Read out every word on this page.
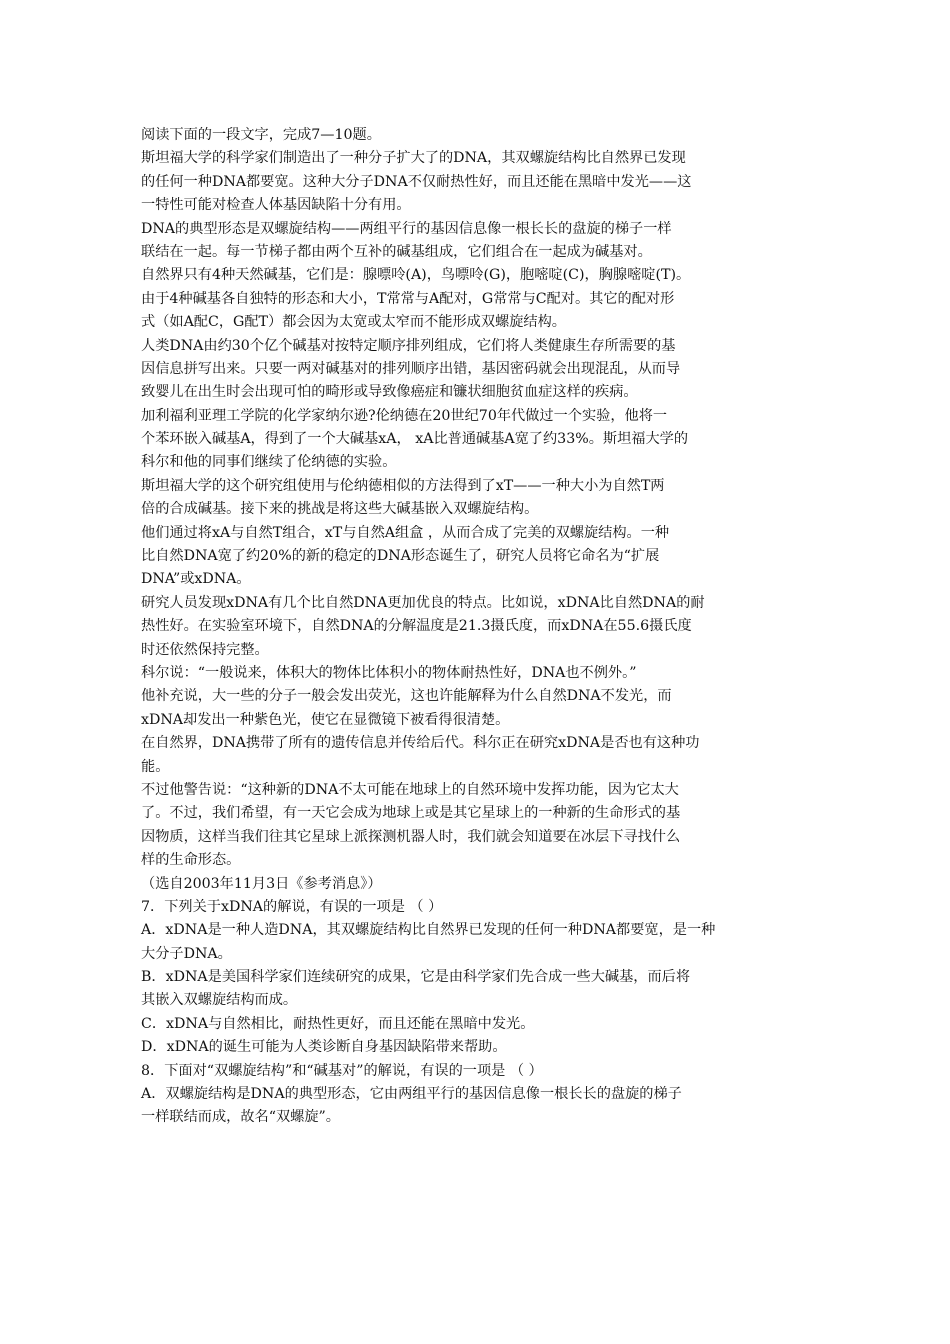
阅读下面的一段文字，完成7—10题。
斯坦福大学的科学家们制造出了一种分子扩大了的DNA，其双螺旋结构比自然界已发现
的任何一种DNA都要宽。这种大分子DNA不仅耐热性好，而且还能在黑暗中发光——这
一特性可能对检查人体基因缺陷十分有用。
DNA的典型形态是双螺旋结构——两组平行的基因信息像一根长长的盘旋的梯子一样
联结在一起。每一节梯子都由两个互补的碱基组成，它们组合在一起成为碱基对。
自然界只有4种天然碱基，它们是：腺嘌呤(A)，鸟嘌呤(G)，胞嘧啶(C)，胸腺嘧啶(T)。
由于4种碱基各自独特的形态和大小，T常常与A配对，G常常与C配对。其它的配对形
式（如A配C，G配T）都会因为太宽或太窄而不能形成双螺旋结构。
人类DNA由约30个亿个碱基对按特定顺序排列组成，它们将人类健康生存所需要的基
因信息拼写出来。只要一两对碱基对的排列顺序出错，基因密码就会出现混乱，从而导
致婴儿在出生时会出现可怕的畸形或导致像癌症和镰状细胞贫血症这样的疾病。
加利福利亚理工学院的化学家纳尔逊?伦纳德在20世纪70年代做过一个实验，他将一
个苯环嵌入碱基A，得到了一个大碱基xA， xA比普通碱基A宽了约33%。斯坦福大学的
科尔和他的同事们继续了伦纳德的实验。
斯坦福大学的这个研究组使用与伦纳德相似的方法得到了xT——一种大小为自然T两
倍的合成碱基。接下来的挑战是将这些大碱基嵌入双螺旋结构。
他们通过将xA与自然T组合，xT与自然A组盒 ，从而合成了完美的双螺旋结构。一种
比自然DNA宽了约20%的新的稳定的DNA形态诞生了，研究人员将它命名为“扩展
DNA”或xDNA。
研究人员发现xDNA有几个比自然DNA更加优良的特点。比如说，xDNA比自然DNA的耐
热性好。在实验室环境下，自然DNA的分解温度是21.3摄氏度，而xDNA在55.6摄氏度
时还依然保持完整。
科尔说：“一般说来，体积大的物体比体积小的物体耐热性好，DNA也不例外。”
他补充说，大一些的分子一般会发出荧光，这也许能解释为什么自然DNA不发光，而
xDNA却发出一种紫色光，使它在显微镜下被看得很清楚。
在自然界，DNA携带了所有的遗传信息并传给后代。科尔正在研究xDNA是否也有这种功
能。
不过他警告说：“这种新的DNA不太可能在地球上的自然环境中发挥功能，因为它太大
了。不过，我们希望，有一天它会成为地球上或是其它星球上的一种新的生命形式的基
因物质，这样当我们往其它星球上派探测机器人时，我们就会知道要在冰层下寻找什么
样的生命形态。
（选自2003年11月3日《参考消息》）
7．下列关于xDNA的解说，有误的一项是 （ ）
A．xDNA是一种人造DNA，其双螺旋结构比自然界已发现的任何一种DNA都要宽，是一种
大分子DNA。
B．xDNA是美国科学家们连续研究的成果，它是由科学家们先合成一些大碱基，而后将
其嵌入双螺旋结构而成。
C．xDNA与自然相比，耐热性更好，而且还能在黑暗中发光。
D．xDNA的诞生可能为人类诊断自身基因缺陷带来帮助。
8．下面对“双螺旋结构”和“碱基对”的解说，有误的一项是 （ ）
A．双螺旋结构是DNA的典型形态，它由两组平行的基因信息像一根长长的盘旋的梯子
一样联结而成，故名“双螺旋”。
